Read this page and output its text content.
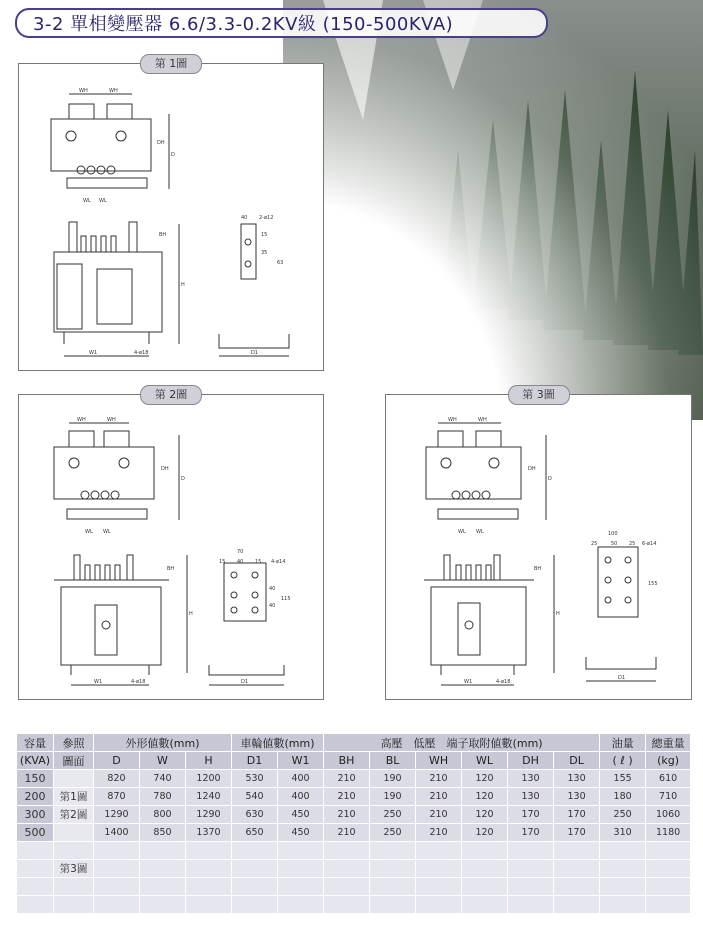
3-2 單相變壓器 6.6/3.3-0.2KV級 (150-500KVA)
第 1圖
WH	WH
WL WL
D
DH
W1	4-ø18
H
BH
40 2-ø12
15
35
63
D1
第 2圖
WH	WH
WL WL
D
DH
W1	4-ø18
H
BH
70
15 40 15 4-ø14
40
40
115
D1
第 3圖
WH	WH
WL WL
D
DH
W1	4-ø18
H
BH
100
25	50 25 6-ø14
155
D1
容量	參照	外形値數(mm)			車輪値數(mm)		高壓　低壓　端子取附値數(mm)						油量	總重量
(KVA)	圖面	D	W	H	D1	W1	BH	BL	WH	WL	DH	DL	( ℓ )	(kg)
150		820	740	1200	530	400	210	190	210	120	130	130	155	610
200	第1圖	870	780	1240	540	400	210	190	210	120	130	130	180	710
300	第2圖	1290	800	1290	630	450	210	250	210	120	170	170	250	1060
500		1400	850	1370	650	450	210	250	210	120	170	170	310	1180

	第3圖													
